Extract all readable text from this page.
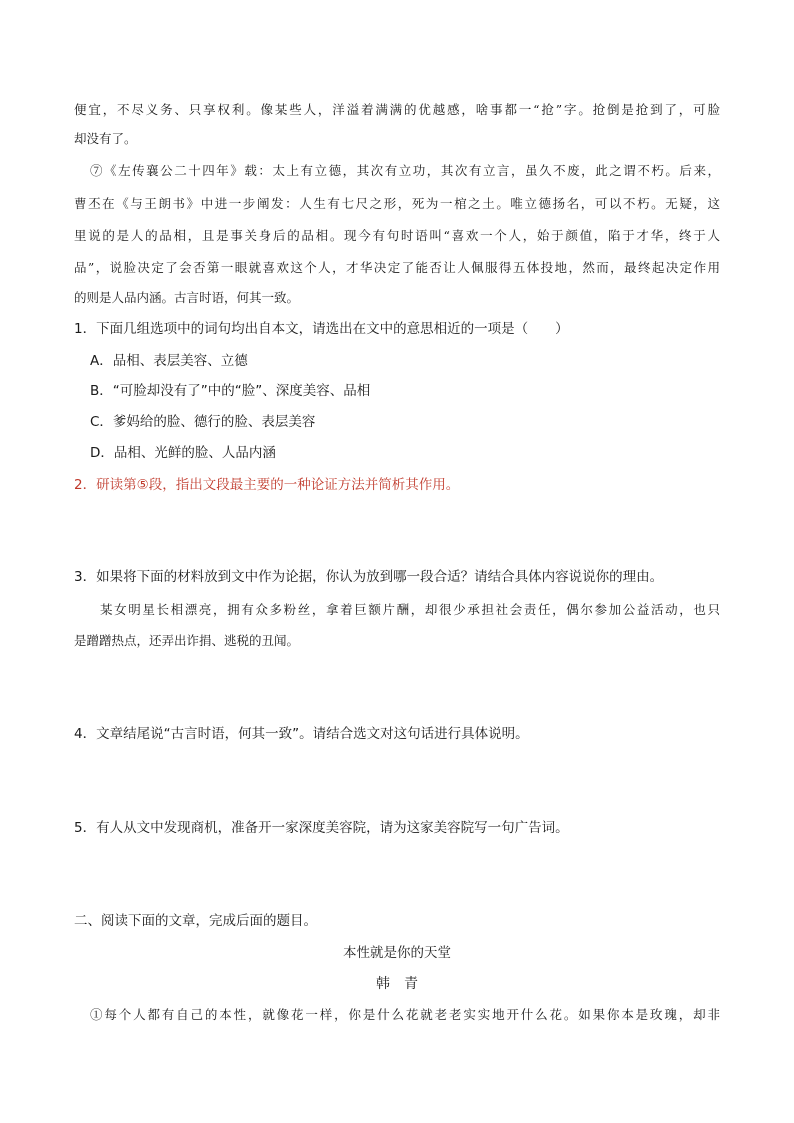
便宜，不尽义务、只享权利。像某些人，洋溢着满满的优越感，啥事都一“抢”字。抢倒是抢到了，可脸
却没有了。
⑦《左传襄公二十四年》载：太上有立德，其次有立功，其次有立言，虽久不废，此之谓不朽。后来，
曹丕在《与王朗书》中进一步阐发：人生有七尺之形，死为一棺之土。唯立德扬名，可以不朽。无疑，这
里说的是人的品相，且是事关身后的品相。现今有句时语叫“喜欢一个人，始于颜值，陷于才华，终于人
品”，说脸决定了会否第一眼就喜欢这个人，才华决定了能否让人佩服得五体投地，然而，最终起决定作用
的则是人品内涵。古言时语，何其一致。
1．下面几组选项中的词句均出自本文，请选出在文中的意思相近的一项是（　　）
A．品相、表层美容、立德
B．“可脸却没有了”中的“脸”、深度美容、品相
C．爹妈给的脸、德行的脸、表层美容
D．品相、光鲜的脸、人品内涵
2．研读第⑤段，指出文段最主要的一种论证方法并简析其作用。
3．如果将下面的材料放到文中作为论据，你认为放到哪一段合适？请结合具体内容说说你的理由。
某女明星长相漂亮，拥有众多粉丝，拿着巨额片酬，却很少承担社会责任，偶尔参加公益活动，也只
是蹭蹭热点，还弄出诈捐、逃税的丑闻。
4．文章结尾说“古言时语，何其一致”。请结合选文对这句话进行具体说明。
5．有人从文中发现商机，准备开一家深度美容院，请为这家美容院写一句广告词。
二、阅读下面的文章，完成后面的题目。
本性就是你的天堂
韩　青
①每个人都有自己的本性，就像花一样，你是什么花就老老实实地开什么花。如果你本是玫瑰，却非
